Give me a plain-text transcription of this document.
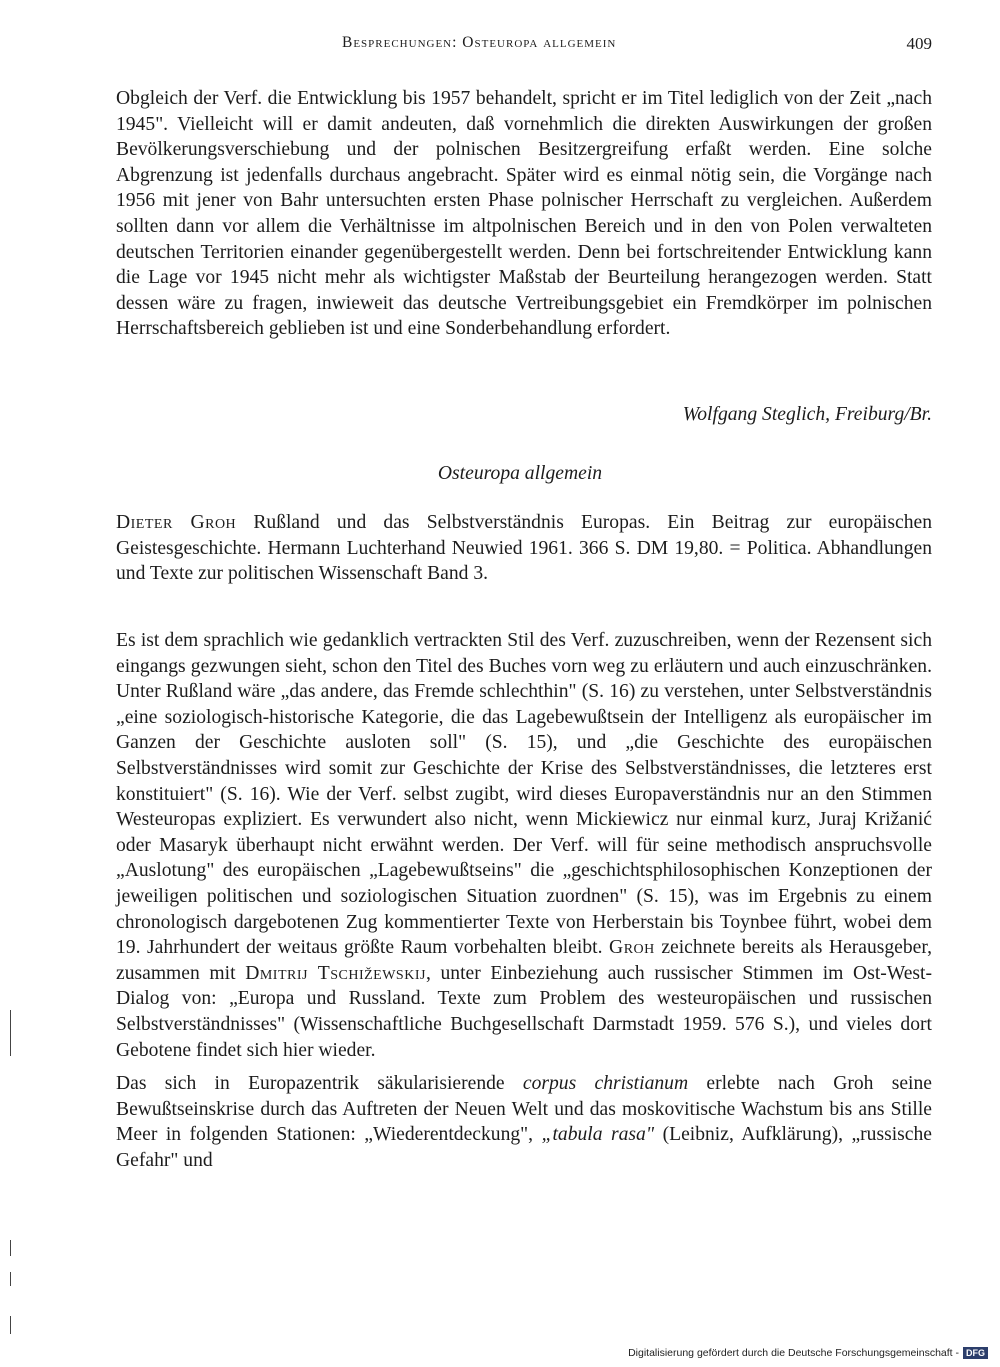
Besprechungen: Osteuropa allgemein	409

Obgleich der Verf. die Entwicklung bis 1957 behandelt, spricht er im Titel lediglich von der Zeit „nach 1945". Vielleicht will er damit andeuten, daß vornehmlich die direkten Auswirkungen der großen Bevölkerungsverschiebung und der polnischen Besitzergreifung erfaßt werden. Eine solche Abgrenzung ist jedenfalls durchaus angebracht. Später wird es einmal nötig sein, die Vorgänge nach 1956 mit jener von Bahr untersuchten ersten Phase polnischer Herrschaft zu vergleichen. Außerdem sollten dann vor allem die Verhältnisse im altpolnischen Bereich und in den von Polen verwalteten deutschen Territorien einander gegenübergestellt werden. Denn bei fortschreitender Entwicklung kann die Lage vor 1945 nicht mehr als wichtigster Maßstab der Beurteilung herangezogen werden. Statt dessen wäre zu fragen, inwieweit das deutsche Vertreibungsgebiet ein Fremdkörper im polnischen Herrschaftsbereich geblieben ist und eine Sonderbehandlung erfordert.

Wolfgang Steglich, Freiburg/Br.
Osteuropa allgemein

Dieter Groh Rußland und das Selbstverständnis Europas. Ein Beitrag zur europäischen Geistesgeschichte. Hermann Luchterhand Neuwied 1961. 366 S. DM 19,80. = Politica. Abhandlungen und Texte zur politischen Wissenschaft Band 3.

Es ist dem sprachlich wie gedanklich vertrackten Stil des Verf. zuzuschreiben, wenn der Rezensent sich eingangs gezwungen sieht, schon den Titel des Buches vorn weg zu erläutern und auch einzuschränken. Unter Rußland wäre „das andere, das Fremde schlechthin" (S. 16) zu verstehen, unter Selbstverständnis „eine soziologisch-historische Kategorie, die das Lagebewußtsein der Intelligenz als europäischer im Ganzen der Geschichte ausloten soll" (S. 15), und „die Geschichte des europäischen Selbstverständnisses wird somit zur Geschichte der Krise des Selbstverständnisses, die letzteres erst konstituiert" (S. 16). Wie der Verf. selbst zugibt, wird dieses Europaverständnis nur an den Stimmen Westeuropas expliziert. Es verwundert also nicht, wenn Mickiewicz nur einmal kurz, Juraj Križanić oder Masaryk überhaupt nicht erwähnt werden. Der Verf. will für seine methodisch anspruchsvolle „Auslotung" des europäischen „Lagebewußtseins" die „geschichtsphilosophischen Konzeptionen der jeweiligen politischen und soziologischen Situation zuordnen" (S. 15), was im Ergebnis zu einem chronologisch dargebotenen Zug kommentierter Texte von Herberstain bis Toynbee führt, wobei dem 19. Jahrhundert der weitaus größte Raum vorbehalten bleibt. Groh zeichnete bereits als Herausgeber, zusammen mit Dmitrij Tschižewskij, unter Einbeziehung auch russischer Stimmen im Ost-West-Dialog von: „Europa und Russland. Texte zum Problem des westeuropäischen und russischen Selbstverständnisses" (Wissenschaftliche Buchgesellschaft Darmstadt 1959. 576 S.), und vieles dort Gebotene findet sich hier wieder.

Das sich in Europazentrik säkularisierende corpus christianum erlebte nach Groh seine Bewußtseinskrise durch das Auftreten der Neuen Welt und das moskovitische Wachstum bis ans Stille Meer in folgenden Stationen: „Wiederentdeckung", „tabula rasa" (Leibniz, Aufklärung), „russische Gefahr" und

Digitalisierung gefördert durch die Deutsche Forschungsgemeinschaft - DFG
